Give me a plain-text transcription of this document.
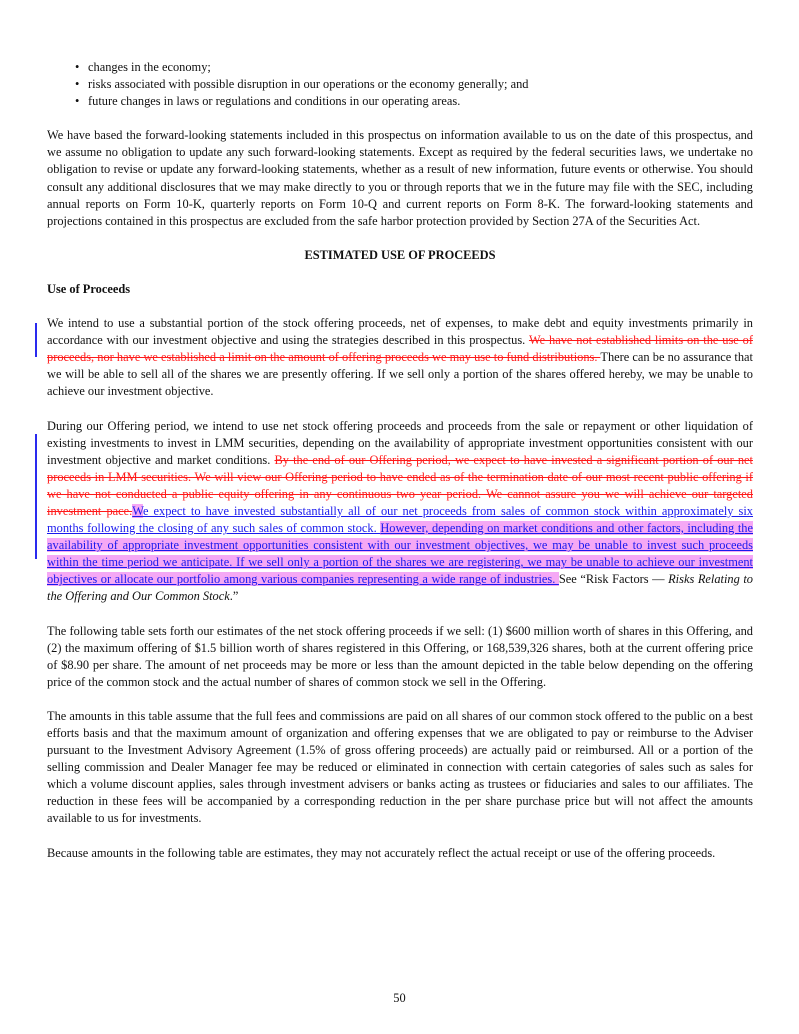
• changes in the economy;
• risks associated with possible disruption in our operations or the economy generally; and
• future changes in laws or regulations and conditions in our operating areas.

We have based the forward-looking statements included in this prospectus on information available to us on the date of this prospectus, and we assume no obligation to update any such forward-looking statements. Except as required by the federal securities laws, we undertake no obligation to revise or update any forward-looking statements, whether as a result of new information, future events or otherwise. You should consult any additional disclosures that we may make directly to you or through reports that we in the future may file with the SEC, including annual reports on Form 10-K, quarterly reports on Form 10-Q and current reports on Form 8-K. The forward-looking statements and projections contained in this prospectus are excluded from the safe harbor protection provided by Section 27A of the Securities Act.

ESTIMATED USE OF PROCEEDS

Use of Proceeds

We intend to use a substantial portion of the stock offering proceeds, net of expenses, to make debt and equity investments primarily in accordance with our investment objective and using the strategies described in this prospectus. We have not established limits on the use of proceeds, nor have we established a limit on the amount of offering proceeds we may use to fund distributions. There can be no assurance that we will be able to sell all of the shares we are presently offering. If we sell only a portion of the shares offered hereby, we may be unable to achieve our investment objective.

During our Offering period, we intend to use net stock offering proceeds and proceeds from the sale or repayment or other liquidation of existing investments to invest in LMM securities, depending on the availability of appropriate investment opportunities consistent with our investment objective and market conditions. By the end of our Offering period, we expect to have invested a significant portion of our net proceeds in LMM securities. We will view our Offering period to have ended as of the termination date of our most recent public offering if we have not conducted a public equity offering in any continuous two year period. We cannot assure you we will achieve our targeted investment pace.We expect to have invested substantially all of our net proceeds from sales of common stock within approximately six months following the closing of any such sales of common stock. However, depending on market conditions and other factors, including the availability of appropriate investment opportunities consistent with our investment objectives, we may be unable to invest such proceeds within the time period we anticipate. If we sell only a portion of the shares we are registering, we may be unable to achieve our investment objectives or allocate our portfolio among various companies representing a wide range of industries. See “Risk Factors — Risks Relating to the Offering and Our Common Stock.”

The following table sets forth our estimates of the net stock offering proceeds if we sell: (1) $600 million worth of shares in this Offering, and (2) the maximum offering of $1.5 billion worth of shares registered in this Offering, or 168,539,326 shares, both at the current offering price of $8.90 per share. The amount of net proceeds may be more or less than the amount depicted in the table below depending on the offering price of the common stock and the actual number of shares of common stock we sell in the Offering.

The amounts in this table assume that the full fees and commissions are paid on all shares of our common stock offered to the public on a best efforts basis and that the maximum amount of organization and offering expenses that we are obligated to pay or reimburse to the Adviser pursuant to the Investment Advisory Agreement (1.5% of gross offering proceeds) are actually paid or reimbursed. All or a portion of the selling commission and Dealer Manager fee may be reduced or eliminated in connection with certain categories of sales such as sales for which a volume discount applies, sales through investment advisers or banks acting as trustees or fiduciaries and sales to our affiliates. The reduction in these fees will be accompanied by a corresponding reduction in the per share purchase price but will not affect the amounts available to us for investments.

Because amounts in the following table are estimates, they may not accurately reflect the actual receipt or use of the offering proceeds.

50
